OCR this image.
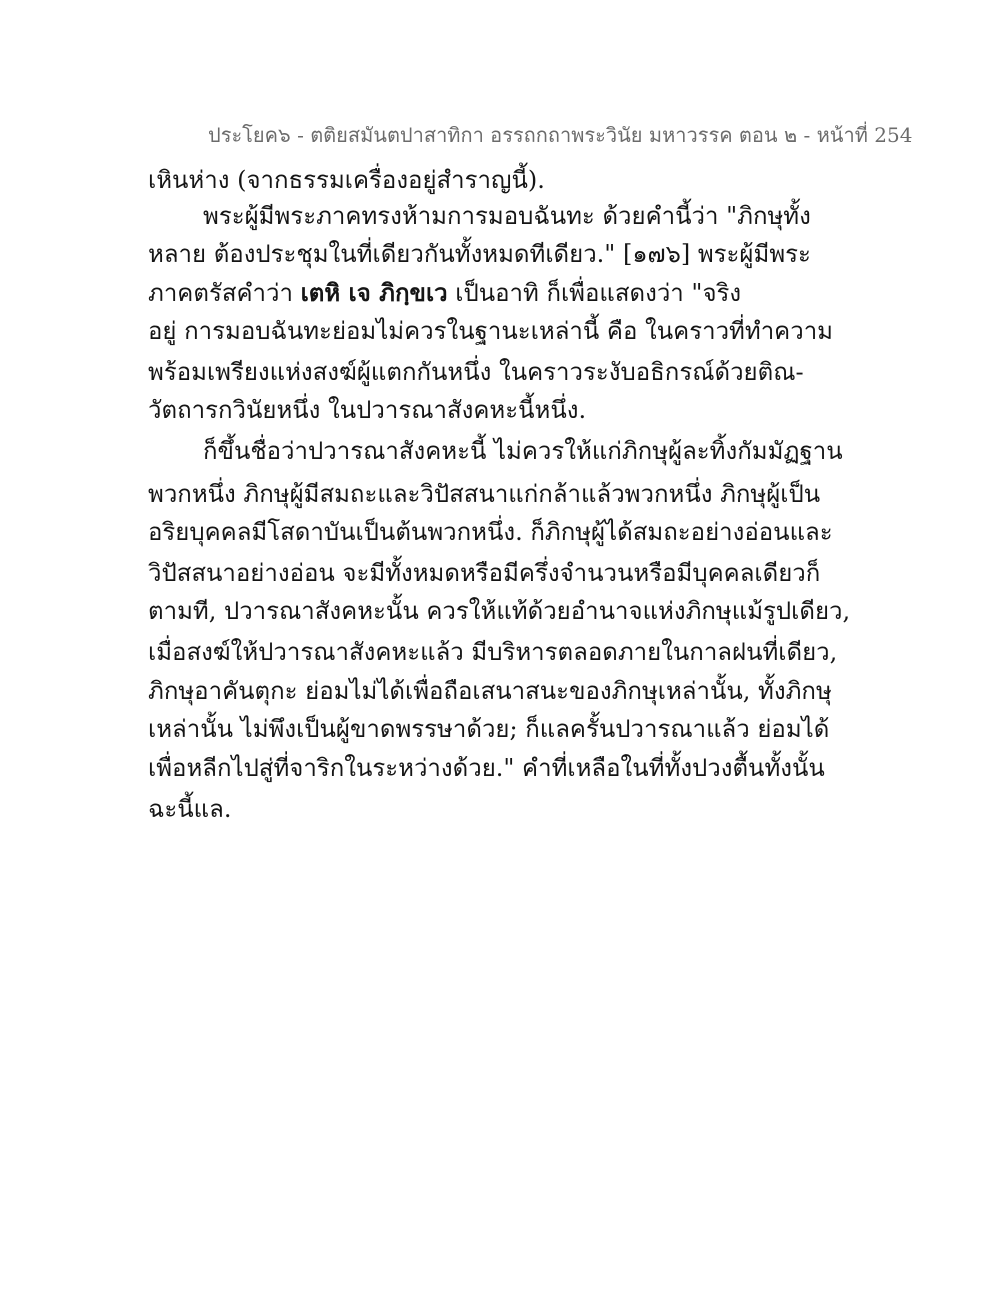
ประโยค๖ - ตติยสมันตปาสาทิกา อรรถกถาพระวินัย มหาวรรค ตอน ๒ - หน้าที่ 254
เหินห่าง (จากธรรมเครื่องอยู่สำราญนี้).
พระผู้มีพระภาคทรงห้ามการมอบฉันทะ ด้วยคำนี้ว่า "ภิกษุทั้ง
หลาย ต้องประชุมในที่เดียวกันทั้งหมดทีเดียว." [๑๗๖] พระผู้มีพระ
ภาคตรัสคำว่า เตหิ เจ ภิกฺขเว เป็นอาทิ ก็เพื่อแสดงว่า "จริง
อยู่ การมอบฉันทะย่อมไม่ควรในฐานะเหล่านี้ คือ ในคราวที่ทำความ
พร้อมเพรียงแห่งสงฆ์ผู้แตกกันหนึ่ง ในคราวระงับอธิกรณ์ด้วยติณ-
วัตถารกวินัยหนึ่ง ในปวารณาสังคหะนี้หนึ่ง.
ก็ขึ้นชื่อว่าปวารณาสังคหะนี้ ไม่ควรให้แก่ภิกษุผู้ละทิ้งกัมมัฏฐาน
พวกหนึ่ง ภิกษุผู้มีสมถะและวิปัสสนาแก่กล้าแล้วพวกหนึ่ง ภิกษุผู้เป็น
อริยบุคคลมีโสดาบันเป็นต้นพวกหนึ่ง. ก็ภิกษุผู้ได้สมถะอย่างอ่อนและ
วิปัสสนาอย่างอ่อน จะมีทั้งหมดหรือมีครึ่งจำนวนหรือมีบุคคลเดียวก็
ตามที, ปวารณาสังคหะนั้น ควรให้แท้ด้วยอำนาจแห่งภิกษุแม้รูปเดียว,
เมื่อสงฆ์ให้ปวารณาสังคหะแล้ว มีบริหารตลอดภายในกาลฝนที่เดียว,
ภิกษุอาคันตุกะ ย่อมไม่ได้เพื่อถือเสนาสนะของภิกษุเหล่านั้น, ทั้งภิกษุ
เหล่านั้น ไม่พึงเป็นผู้ขาดพรรษาด้วย; ก็แลครั้นปวารณาแล้ว ย่อมได้
เพื่อหลีกไปสู่ที่จาริกในระหว่างด้วย." คำที่เหลือในที่ทั้งปวงตื้นทั้งนั้น
ฉะนี้แล.
